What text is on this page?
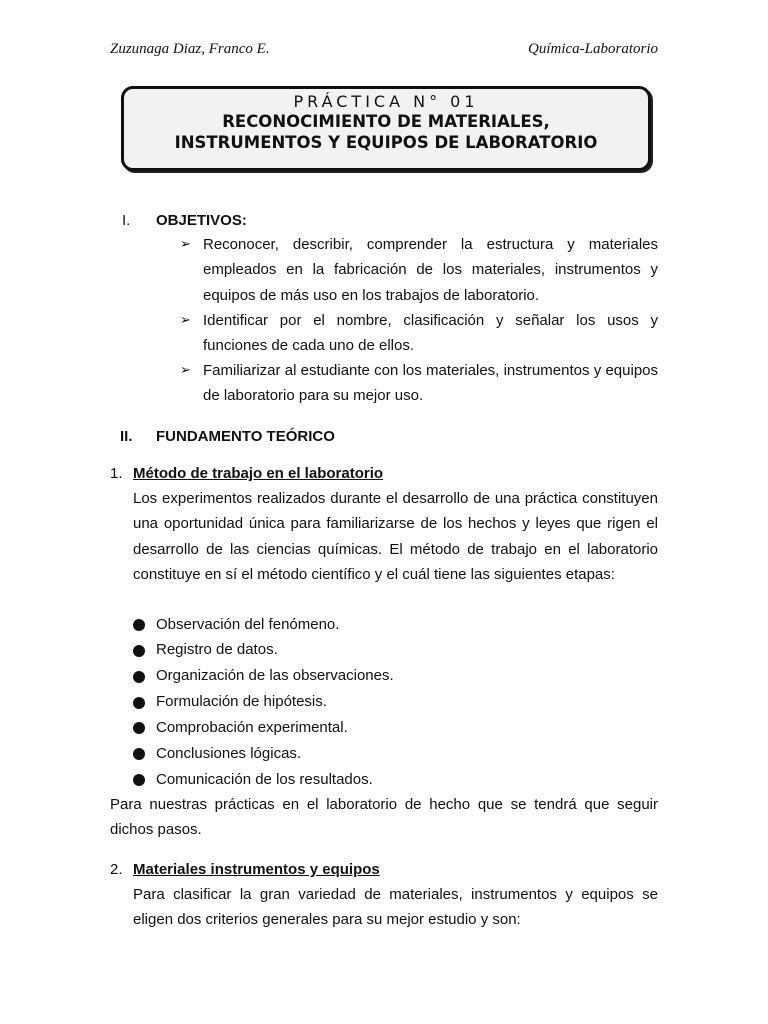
Zuzunaga Diaz, Franco E.	Química-Laboratorio
PRÁCTICA N° 01
RECONOCIMIENTO DE MATERIALES,
INSTRUMENTOS Y EQUIPOS DE LABORATORIO
I. OBJETIVOS:
➢ Reconocer, describir, comprender la estructura y materiales empleados en la fabricación de los materiales, instrumentos y equipos de más uso en los trabajos de laboratorio.
➢ Identificar por el nombre, clasificación y señalar los usos y funciones de cada uno de ellos.
➢ Familiarizar al estudiante con los materiales, instrumentos y equipos de laboratorio para su mejor uso.
II. FUNDAMENTO TEÓRICO
1. Método de trabajo en el laboratorio
Los experimentos realizados durante el desarrollo de una práctica constituyen una oportunidad única para familiarizarse de los hechos y leyes que rigen el desarrollo de las ciencias químicas. El método de trabajo en el laboratorio constituye en sí el método científico y el cuál tiene las siguientes etapas:
Observación del fenómeno.
Registro de datos.
Organización de las observaciones.
Formulación de hipótesis.
Comprobación experimental.
Conclusiones lógicas.
Comunicación de los resultados.
Para nuestras prácticas en el laboratorio de hecho que se tendrá que seguir dichos pasos.
2. Materiales instrumentos y equipos
Para clasificar la gran variedad de materiales, instrumentos y equipos se eligen dos criterios generales para su mejor estudio y son:
